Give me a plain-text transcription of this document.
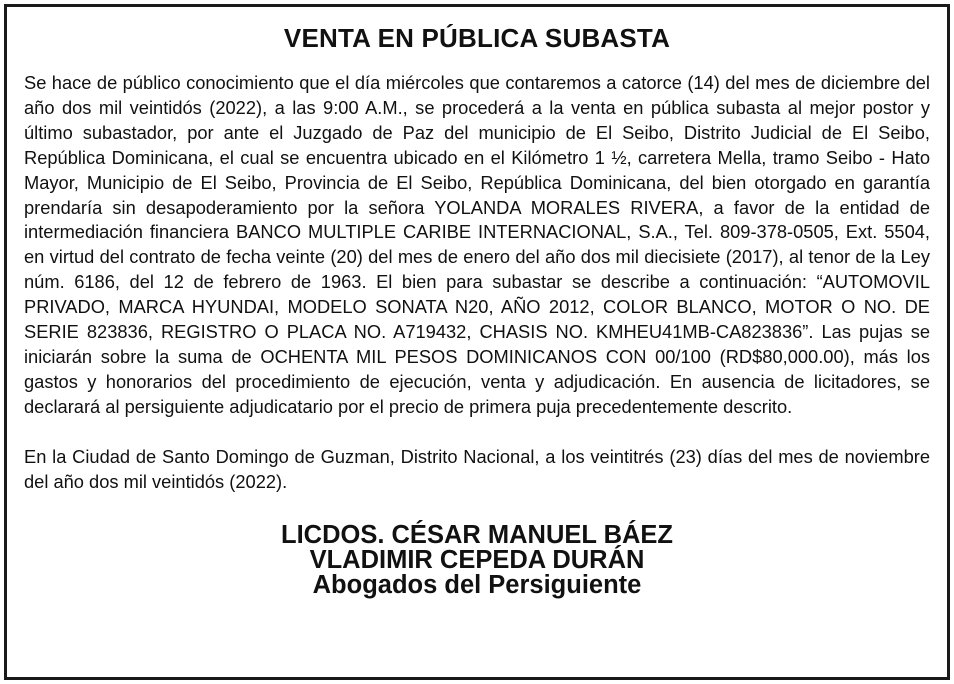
VENTA EN PÚBLICA SUBASTA

Se hace de público conocimiento que el día miércoles que contaremos a catorce (14) del mes de diciembre del año dos mil veintidós (2022), a las 9:00 A.M., se procederá a la venta en pública subasta al mejor postor y último subastador, por ante el Juzgado de Paz del municipio de El Seibo, Distrito Judicial de El Seibo, República Dominicana, el cual se encuentra ubicado en el Kilómetro 1 ½, carretera Mella, tramo Seibo - Hato Mayor, Municipio de El Seibo, Provincia de El Seibo, República Dominicana, del bien otorgado en garantía prendaría sin desapoderamiento por la señora YOLANDA MORALES RIVERA, a favor de la entidad de intermediación financiera BANCO MULTIPLE CARIBE INTERNACIONAL, S.A., Tel. 809-378-0505, Ext. 5504, en virtud del contrato de fecha veinte (20) del mes de enero del año dos mil diecisiete (2017), al tenor de la Ley núm. 6186, del 12 de febrero de 1963. El bien para subastar se describe a continuación: “AUTOMOVIL PRIVADO, MARCA HYUNDAI, MODELO SONATA N20, AÑO 2012, COLOR BLANCO, MOTOR O NO. DE SERIE 823836, REGISTRO O PLACA NO. A719432, CHASIS NO. KMHEU41MB-CA823836”. Las pujas se iniciarán sobre la suma de OCHENTA MIL PESOS DOMINICANOS CON 00/100 (RD$80,000.00), más los gastos y honorarios del procedimiento de ejecución, venta y adjudicación. En ausencia de licitadores, se declarará al persiguiente adjudicatario por el precio de primera puja precedentemente descrito.

En la Ciudad de Santo Domingo de Guzman, Distrito Nacional, a los veintitrés (23) días del mes de noviembre del año dos mil veintidós (2022).

LICDOS. CÉSAR MANUEL BÁEZ
VLADIMIR CEPEDA DURÁN
Abogados del Persiguiente
